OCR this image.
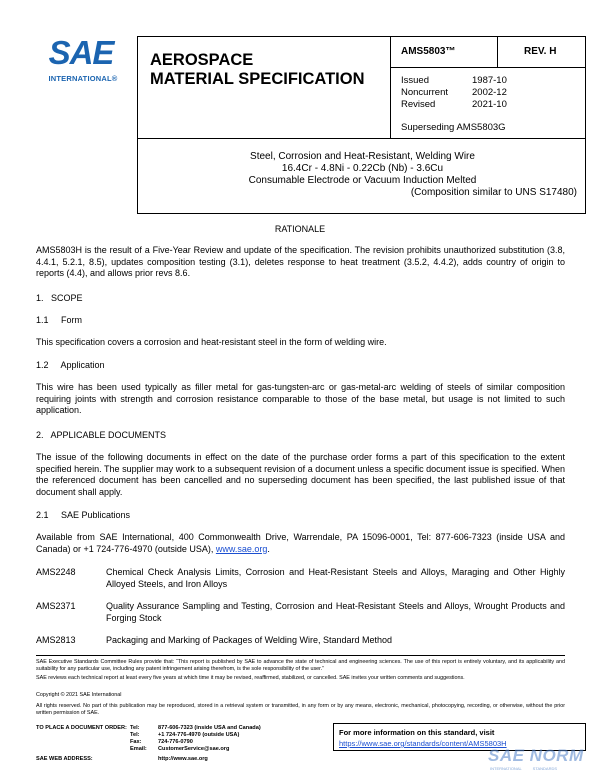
SAE
INTERNATIONAL®
AEROSPACE
MATERIAL SPECIFICATION
AMS5803™	REV. H
Issued	1987-10
Noncurrent	2002-12
Revised	2021-10
Superseding AMS5803G
Steel, Corrosion and Heat-Resistant, Welding Wire
16.4Cr - 4.8Ni - 0.22Cb (Nb) - 3.6Cu
Consumable Electrode or Vacuum Induction Melted
(Composition similar to UNS S17480)
RATIONALE
AMS5803H is the result of a Five-Year Review and update of the specification. The revision prohibits unauthorized substitution (3.8, 4.4.1, 5.2.1, 8.5), updates composition testing (3.1), deletes response to heat treatment (3.5.2, 4.4.2), adds country of origin to reports (4.4), and allows prior revs 8.6.
1.   SCOPE
1.1     Form
This specification covers a corrosion and heat-resistant steel in the form of welding wire.
1.2     Application
This wire has been used typically as filler metal for gas-tungsten-arc or gas-metal-arc welding of steels of similar composition requiring joints with strength and corrosion resistance comparable to those of the base metal, but usage is not limited to such application.
2.   APPLICABLE DOCUMENTS
The issue of the following documents in effect on the date of the purchase order forms a part of this specification to the extent specified herein. The supplier may work to a subsequent revision of a document unless a specific document issue is specified. When the referenced document has been cancelled and no superseding document has been specified, the last published issue of that document shall apply.
2.1     SAE Publications
Available from SAE International, 400 Commonwealth Drive, Warrendale, PA 15096-0001, Tel: 877-606-7323 (inside USA and Canada) or +1 724-776-4970 (outside USA), www.sae.org.
AMS2248	Chemical Check Analysis Limits, Corrosion and Heat-Resistant Steels and Alloys, Maraging and Other Highly Alloyed Steels, and Iron Alloys
AMS2371	Quality Assurance Sampling and Testing, Corrosion and Heat-Resistant Steels and Alloys, Wrought Products and Forging Stock
AMS2813	Packaging and Marking of Packages of Welding Wire, Standard Method
SAE Executive Standards Committee Rules provide that: “This report is published by SAE to advance the state of technical and engineering sciences. The use of this report is entirely voluntary, and its applicability and suitability for any particular use, including any patent infringement arising therefrom, is the sole responsibility of the user.”
SAE reviews each technical report at least every five years at which time it may be revised, reaffirmed, stabilized, or cancelled. SAE invites your written comments and suggestions.
Copyright © 2021 SAE International
All rights reserved. No part of this publication may be reproduced, stored in a retrieval system or transmitted, in any form or by any means, electronic, mechanical, photocopying, recording, or otherwise, without the prior written permission of SAE.
TO PLACE A DOCUMENT ORDER: Tel:	877-606-7323 (inside USA and Canada)
Tel:	+1 724-776-4970 (outside USA)
Fax:	724-776-0790
Email: CustomerService@sae.org
SAE WEB ADDRESS:	http://www.sae.org
For more information on this standard, visit
https://www.sae.org/standards/content/AMS5803H
SAE NORM
INTERNATIONAL          STANDARDS
